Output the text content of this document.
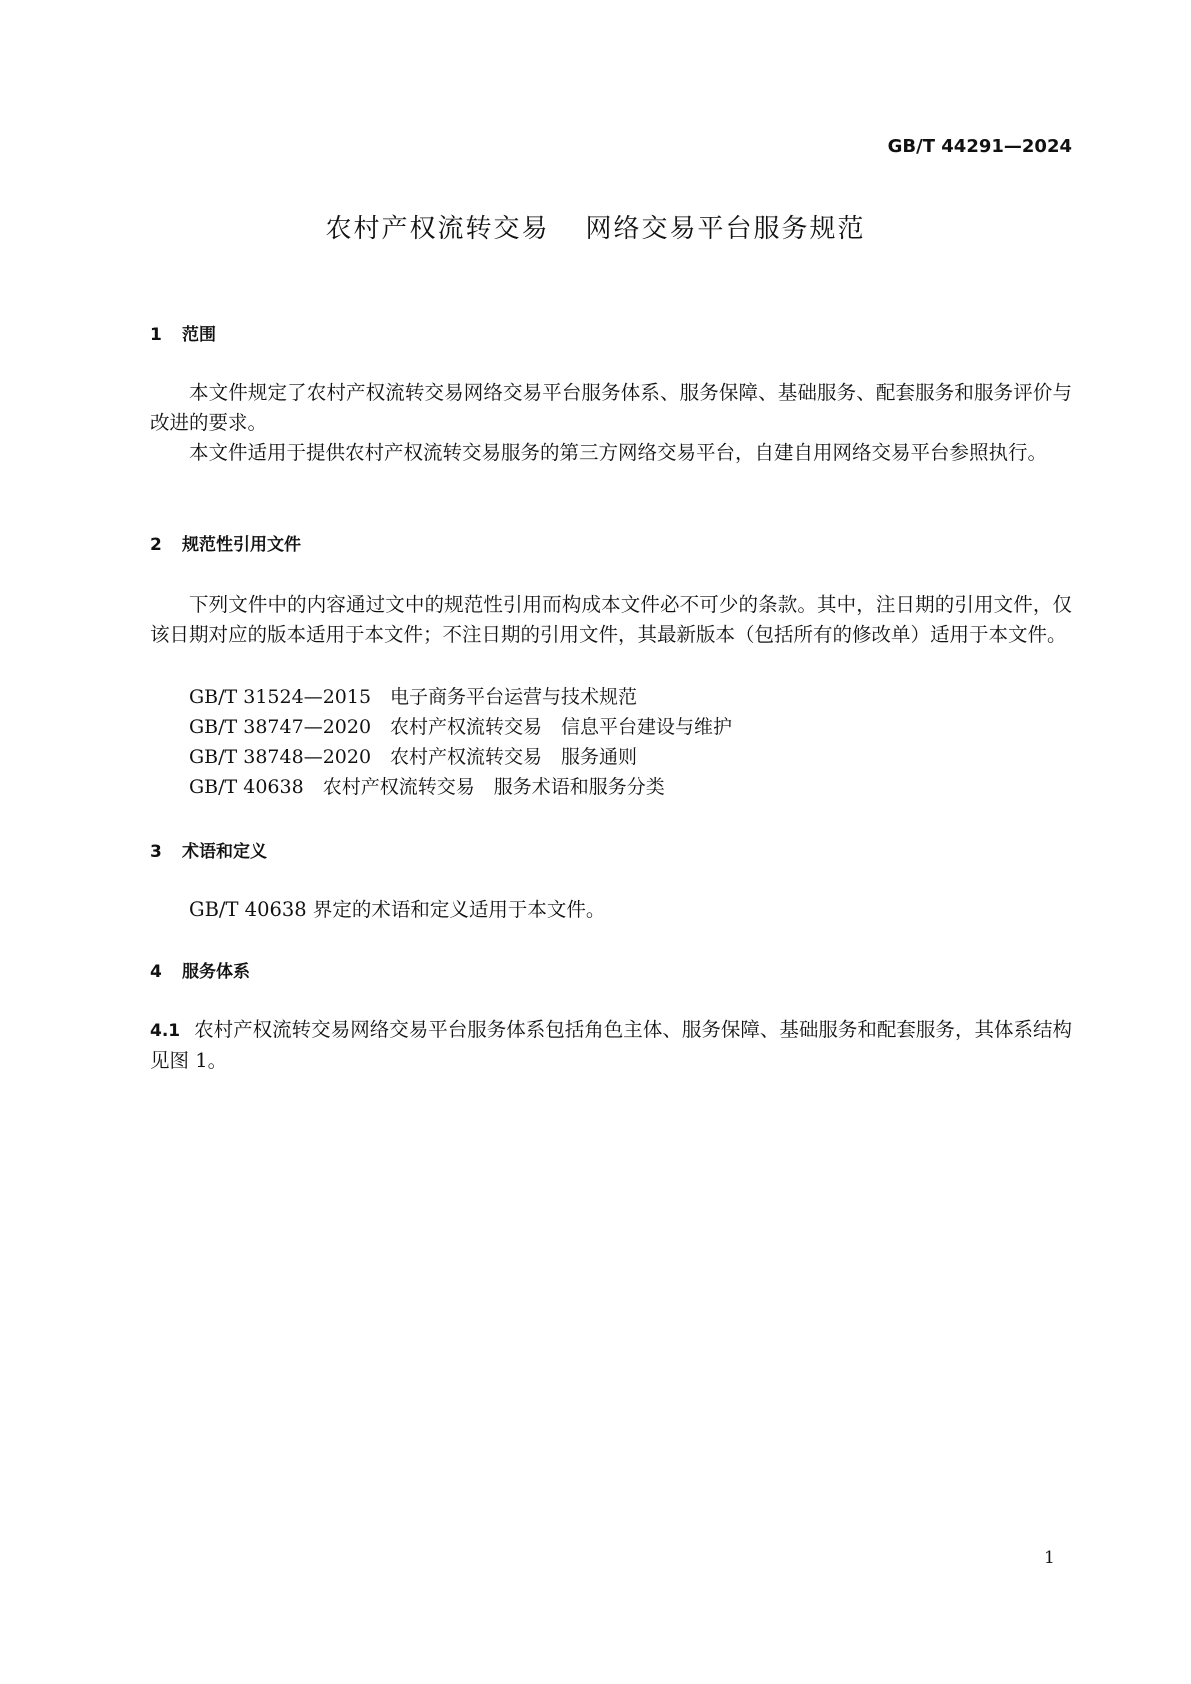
GB/T 44291—2024
农村产权流转交易 网络交易平台服务规范
1 范围
本文件规定了农村产权流转交易网络交易平台服务体系、服务保障、基础服务、配套服务和服务评价与改进的要求。
本文件适用于提供农村产权流转交易服务的第三方网络交易平台，自建自用网络交易平台参照执行。
2 规范性引用文件
下列文件中的内容通过文中的规范性引用而构成本文件必不可少的条款。其中，注日期的引用文件，仅该日期对应的版本适用于本文件；不注日期的引用文件，其最新版本（包括所有的修改单）适用于本文件。
GB/T 31524—2015　电子商务平台运营与技术规范
GB/T 38747—2020　农村产权流转交易　信息平台建设与维护
GB/T 38748—2020　农村产权流转交易　服务通则
GB/T 40638　农村产权流转交易　服务术语和服务分类
3 术语和定义
GB/T 40638 界定的术语和定义适用于本文件。
4 服务体系
4.1 农村产权流转交易网络交易平台服务体系包括角色主体、服务保障、基础服务和配套服务，其体系结构见图 1。
1
